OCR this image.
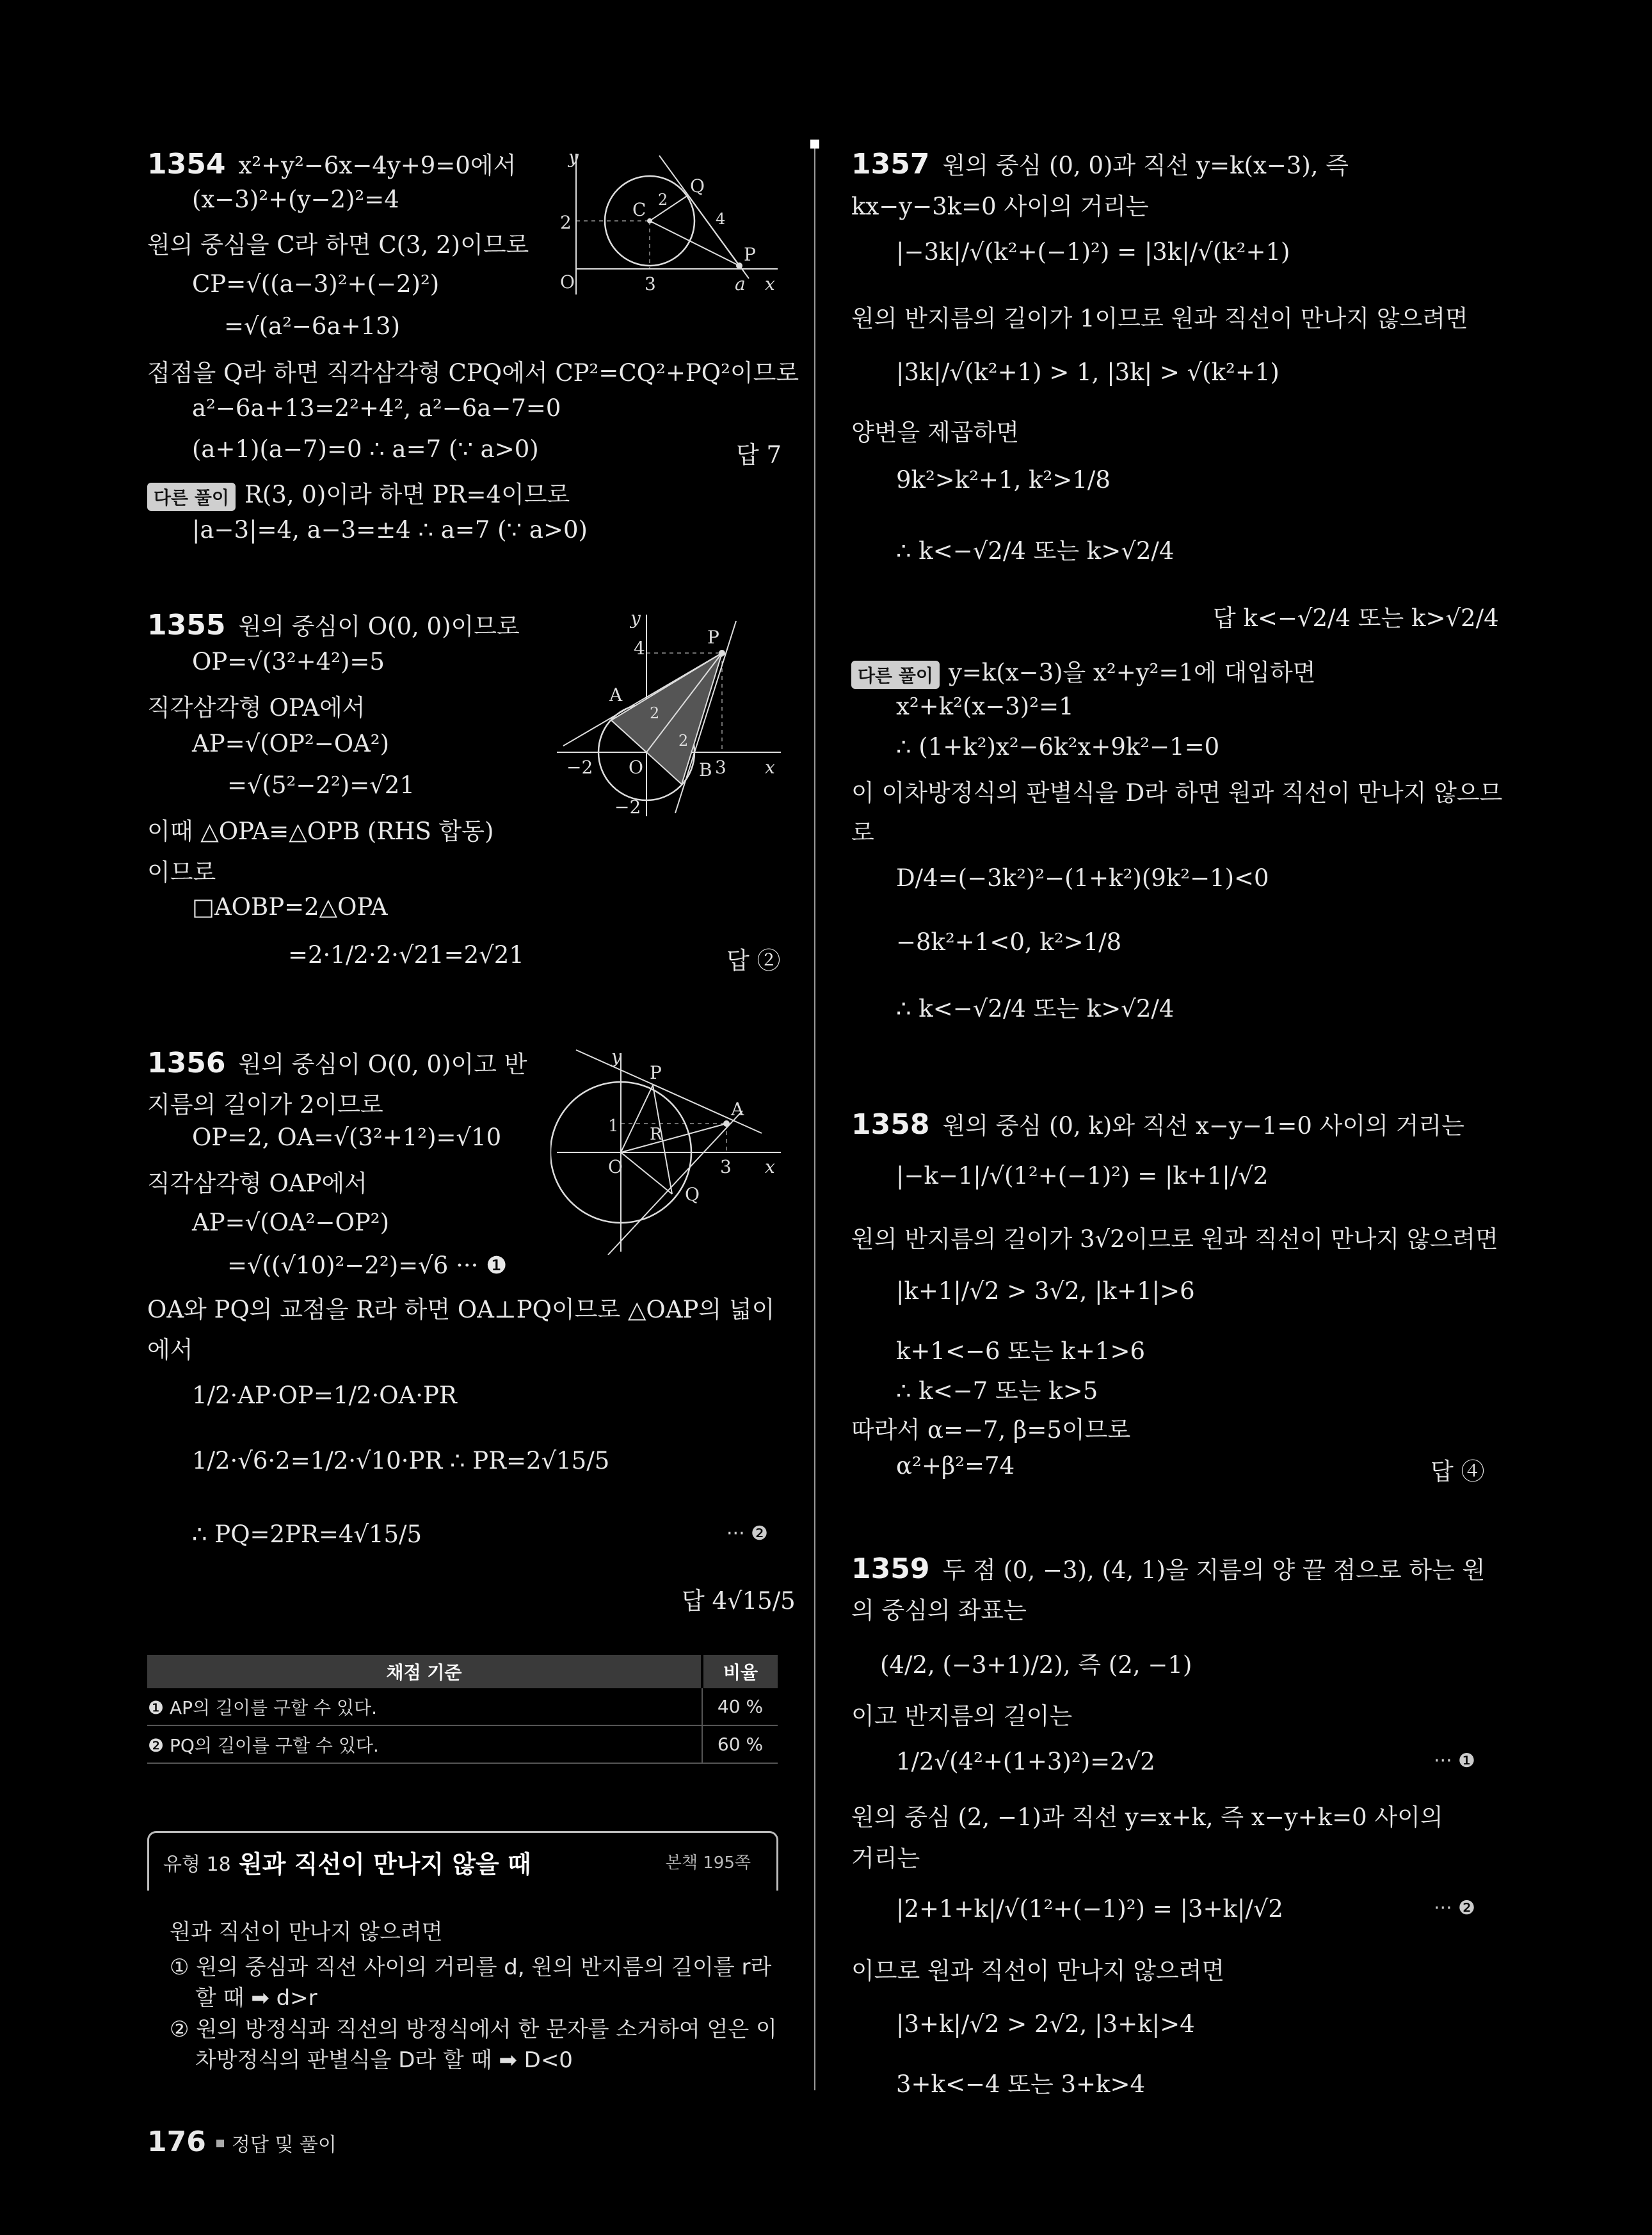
1354 x²+y²−6x−4y+9=0에서
(x−3)²+(y−2)²=4
원의 중심을 C라 하면 C(3, 2)이므로
CP=√((a−3)²+(−2)²)
=√(a²−6a+13)
접점을 Q라 하면 직각삼각형 CPQ에서 CP²=CQ²+PQ²이므로
a²−6a+13=2²+4², a²−6a−7=0
(a+1)(a−7)=0 ∴ a=7 (∵ a>0)	답 7
다른 풀이 R(3, 0)이라 하면 PR=4이므로
|a−3|=4, a−3=±4 ∴ a=7 (∵ a>0)
y
2
O	3	a x
C
Q
P
2
4
1355 원의 중심이 O(0, 0)이므로
OP=√(3²+4²)=5
직각삼각형 OPA에서
AP=√(OP²−OA²)
=√(5²−2²)=√21
이때 △OPA≡△OPB (RHS 합동)
이므로
□AOBP=2△OPA
=2·1/2·2·√21=2√21	답 ②
y
4
P
A
2
2
−2 O	B 3 x
−2
1356 원의 중심이 O(0, 0)이고 반
지름의 길이가 2이므로
OP=2, OA=√(3²+1²)=√10
직각삼각형 OAP에서
AP=√(OA²−OP²)
=√((√10)²−2²)=√6 ··· ❶
OA와 PQ의 교점을 R라 하면 OA⊥PQ이므로 △OAP의 넓이
에서
1/2·AP·OP=1/2·OA·PR
1/2·√6·2=1/2·√10·PR ∴ PR=2√15/5
∴ PQ=2PR=4√15/5	··· ❷
답 4√15/5
y
P
A
1 R
O	3 x
Q
채점 기준	비율
❶ AP의 길이를 구할 수 있다.	40 %
❷ PQ의 길이를 구할 수 있다.	60 %
유형 18 원과 직선이 만나지 않을 때	본책 195쪽
원과 직선이 만나지 않으려면
① 원의 중심과 직선 사이의 거리를 d, 원의 반지름의 길이를 r라
할 때 ➡ d>r
② 원의 방정식과 직선의 방정식에서 한 문자를 소거하여 얻은 이
차방정식의 판별식을 D라 할 때 ➡ D<0
176 정답 및 풀이
1357 원의 중심 (0, 0)과 직선 y=k(x−3), 즉
kx−y−3k=0 사이의 거리는
|−3k|/√(k²+(−1)²) = |3k|/√(k²+1)
원의 반지름의 길이가 1이므로 원과 직선이 만나지 않으려면
|3k|/√(k²+1) > 1, |3k| > √(k²+1)
양변을 제곱하면
9k²>k²+1, k²>1/8
∴ k<−√2/4 또는 k>√2/4
답 k<−√2/4 또는 k>√2/4
다른 풀이 y=k(x−3)을 x²+y²=1에 대입하면
x²+k²(x−3)²=1
∴ (1+k²)x²−6k²x+9k²−1=0
이 이차방정식의 판별식을 D라 하면 원과 직선이 만나지 않으므
로
D/4=(−3k²)²−(1+k²)(9k²−1)<0
−8k²+1<0, k²>1/8
∴ k<−√2/4 또는 k>√2/4
1358 원의 중심 (0, k)와 직선 x−y−1=0 사이의 거리는
|−k−1|/√(1²+(−1)²) = |k+1|/√2
원의 반지름의 길이가 3√2이므로 원과 직선이 만나지 않으려면
|k+1|/√2 > 3√2, |k+1|>6
k+1<−6 또는 k+1>6
∴ k<−7 또는 k>5
따라서 α=−7, β=5이므로
α²+β²=74	답 ④
1359 두 점 (0, −3), (4, 1)을 지름의 양 끝 점으로 하는 원
의 중심의 좌표는
(4/2, (−3+1)/2), 즉 (2, −1)
이고 반지름의 길이는
1/2√(4²+(1+3)²)=2√2	··· ❶
원의 중심 (2, −1)과 직선 y=x+k, 즉 x−y+k=0 사이의
거리는
|2+1+k|/√(1²+(−1)²) = |3+k|/√2	··· ❷
이므로 원과 직선이 만나지 않으려면
|3+k|/√2 > 2√2, |3+k|>4
3+k<−4 또는 3+k>4
